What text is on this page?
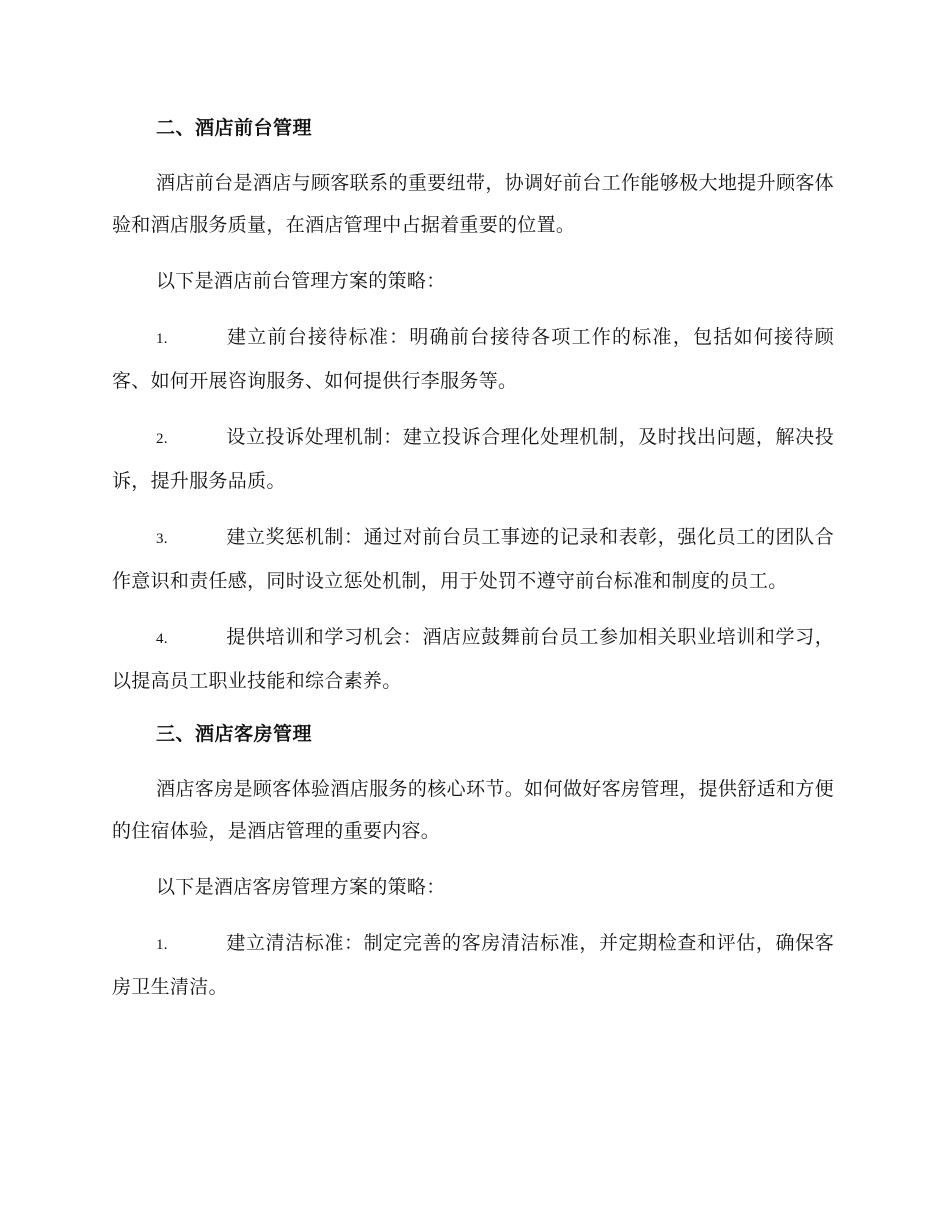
二、酒店前台管理

酒店前台是酒店与顾客联系的重要纽带，协调好前台工作能够极大地提升顾客体验和酒店服务质量，在酒店管理中占据着重要的位置。

以下是酒店前台管理方案的策略：

1.	建立前台接待标准：明确前台接待各项工作的标准，包括如何接待顾客、如何开展咨询服务、如何提供行李服务等。

2.	设立投诉处理机制：建立投诉合理化处理机制，及时找出问题，解决投诉，提升服务品质。

3.	建立奖惩机制：通过对前台员工事迹的记录和表彰，强化员工的团队合作意识和责任感，同时设立惩处机制，用于处罚不遵守前台标准和制度的员工。

4.	提供培训和学习机会：酒店应鼓舞前台员工参加相关职业培训和学习，以提高员工职业技能和综合素养。

三、酒店客房管理

酒店客房是顾客体验酒店服务的核心环节。如何做好客房管理，提供舒适和方便的住宿体验，是酒店管理的重要内容。

以下是酒店客房管理方案的策略：

1.	建立清洁标准：制定完善的客房清洁标准，并定期检查和评估，确保客房卫生清洁。
